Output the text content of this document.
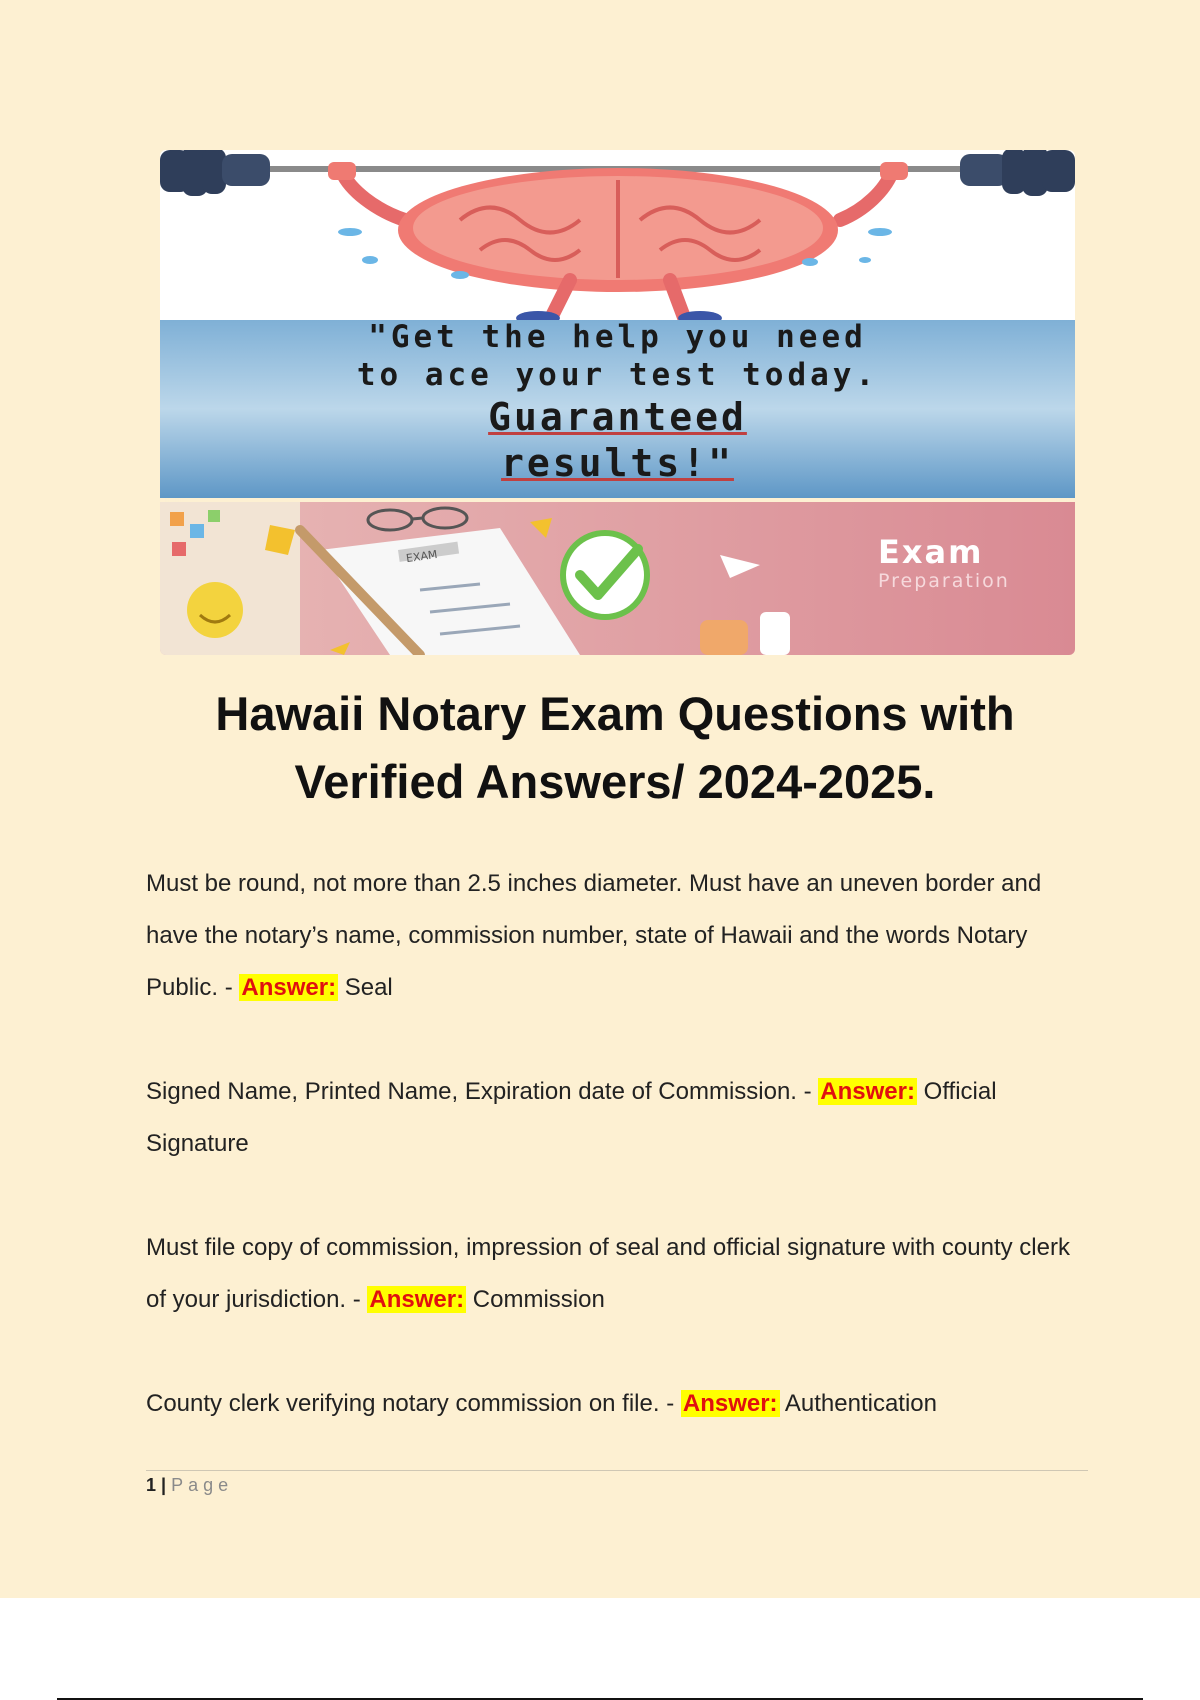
"Get the help you need
to ace your test today.
Guaranteed
results!"
Exam
Preparation
EXAM
Hawaii Notary Exam Questions with Verified Answers/ 2024-2025.

Must be round, not more than 2.5 inches diameter. Must have an uneven border and have the notary’s name, commission number, state of Hawaii and the words Notary Public. - Answer: Seal

Signed Name, Printed Name, Expiration date of Commission. - Answer: Official Signature

Must file copy of commission, impression of seal and official signature with county clerk of your jurisdiction. - Answer: Commission

County clerk verifying notary commission on file. - Answer: Authentication

1 | Page
